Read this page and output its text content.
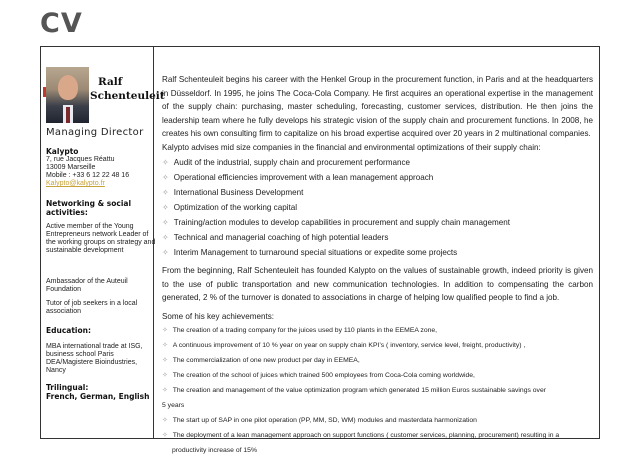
CV
Ralf
Schenteuleit
Managing Director
Kalypto
7, rue Jacques Réattu
13009 Marseille
Mobile : +33 6 12 22 48 16
Kalypto@kalypto.fr
Networking & social activities:
Active member of the Young Entrepreneurs network Leader of the working groups on strategy and sustainable development
Ambassador of the Auteuil Foundation
Tutor of job seekers in a local association
Education:
MBA international trade at ISG, business school Paris DEA/Magistere Bioindustries, Nancy
Trilingual:
French, German, English
Ralf Schenteuleit begins his career with the Henkel Group in the procurement function, in Paris and at the headquarters in Düsseldorf. In 1995, he joins The Coca-Cola Company. He first acquires an operational expertise in the management of the supply chain: purchasing, master scheduling, forecasting, customer services, distribution. He then joins the leadership team where he fully develops his strategic vision of the supply chain and procurement functions. In 2008, he creates his own consulting firm to capitalize on his broad expertise acquired over 20 years in 2 multinational companies.
Kalypto advises mid size companies in the financial and environmental optimizations of their supply chain:
✧ Audit of the industrial, supply chain and procurement performance
✧ Operational efficiencies improvement with a lean management approach
✧ International Business Development
✧ Optimization of the working capital
✧ Training/action modules to develop capabilities in procurement and supply chain management
✧ Technical and managerial coaching of high potential leaders
✧ Interim Management to turnaround special situations or expedite some projects
From the beginning, Ralf Schenteuleit has founded Kalypto on the values of sustainable growth, indeed priority is given to the use of public transportation and new communication technologies. In addition to compensating the carbon generated, 2 % of the turnover is donated to associations in charge of helping low qualified people to find a job.
Some of his key achievements:
✧ The creation of a trading company for the juices used by 110 plants in the EEMEA zone,
✧ A continuous improvement of 10 % year on year on supply chain KPI’s ( inventory, service level, freight, productivity) ,
✧ The commercialization of one new product per day in EEMEA,
✧ The creation of the school of juices which trained 500 employees from Coca-Cola coming worldwide,
✧ The creation and management of the value optimization program which generated 15 million Euros sustainable savings over
5 years
✧ The start up of SAP in one pilot operation (PP, MM, SD, WM) modules and masterdata harmonization
✧ The deployment of a lean management approach on support functions ( customer services, planning, procurement) resulting in a
productivity increase of 15%
